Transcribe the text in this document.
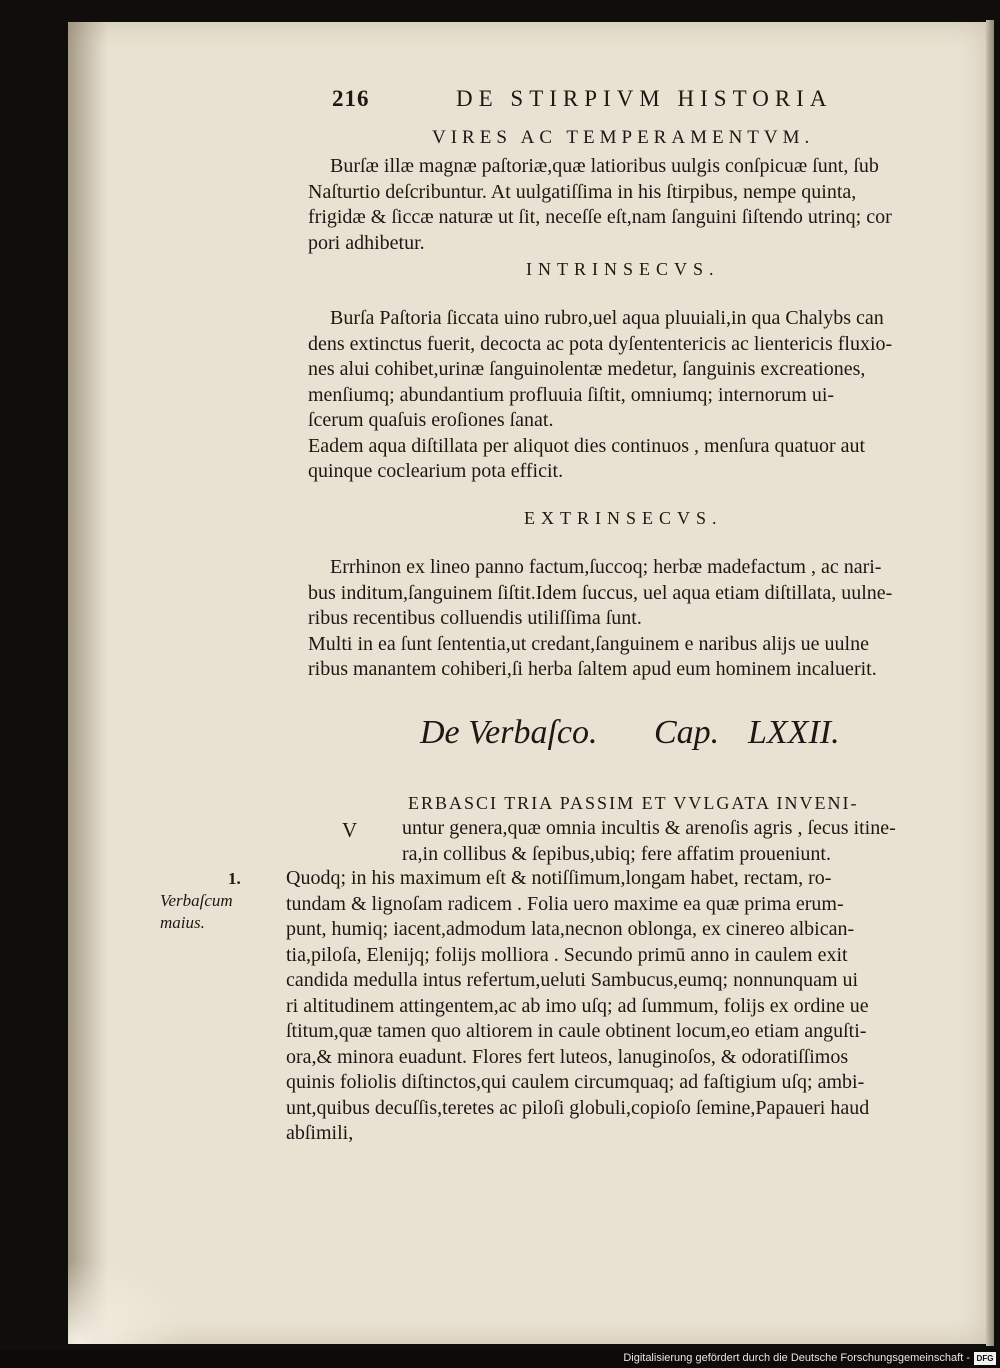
216	DE STIRPIVM HISTORIA
VIRES AC TEMPERAMENTVM.
Burſæ illæ magnæ paſtoriæ,quæ latioribus uulgis conſpicuæ ſunt, ſub
Naſturtio deſcribuntur. At uulgatiſſima in his ſtirpibus, nempe quinta,
frigidæ & ſiccæ naturæ ut ſit, neceſſe eſt,nam ſanguini ſiſtendo utrinq; cor
pori adhibetur.
INTRINSECVS.
Burſa Paſtoria ſiccata uino rubro,uel aqua pluuiali,in qua Chalybs can
dens extinctus fuerit, decocta ac pota dyſententericis ac lientericis fluxio-
nes alui cohibet,urinæ ſanguinolentæ medetur, ſanguinis excreationes,
menſiumq; abundantium profluuia ſiſtit, omniumq; internorum ui-
ſcerum quaſuis eroſiones ſanat.
Eadem aqua diſtillata per aliquot dies continuos , menſura quatuor aut
quinque coclearium pota efficit.
EXTRINSECVS.
Errhinon ex lineo panno factum,ſuccoq; herbæ madefactum , ac nari-
bus inditum,ſanguinem ſiſtit.Idem ſuccus, uel aqua etiam diſtillata, uulne-
ribus recentibus colluendis utiliſſima ſunt.
Multi in ea ſunt ſententia,ut credant,ſanguinem e naribus alijs ue uulne
ribus manantem cohiberi,ſi herba ſaltem apud eum hominem incaluerit.
De Verbaſco. Cap. LXXII.
ERBASCI TRIA PASSIM ET VVLGATA INVENI-
V untur genera,quæ omnia incultis & arenoſis agris , ſecus itine-
ra,in collibus & ſepibus,ubiq; fere affatim proueniunt.
Quodq; in his maximum eſt & notiſſimum,longam habet, rectam, ro-
tundam & lignoſam radicem . Folia uero maxime ea quæ prima erum-
punt, humiq; iacent,admodum lata,necnon oblonga, ex cinereo albican-
tia,piloſa, Elenijq; folijs molliora . Secundo primū anno in caulem exit
candida medulla intus refertum,ueluti Sambucus,eumq; nonnunquam ui
ri altitudinem attingentem,ac ab imo uſq; ad ſummum, folijs ex ordine ue
ſtitum,quæ tamen quo altiorem in caule obtinent locum,eo etiam anguſti-
ora,& minora euadunt. Flores fert luteos, lanuginoſos, & odoratiſſimos
quinis foliolis diſtinctos,qui caulem circumquaq; ad faſtigium uſq; ambi-
unt,quibus decuſſis,teretes ac piloſi globuli,copioſo ſemine,Papaueri haud
abſimili,
1.
Verbaſcum
maius.
Digitalisierung gefördert durch die Deutsche Forschungsgemeinschaft - DFG
